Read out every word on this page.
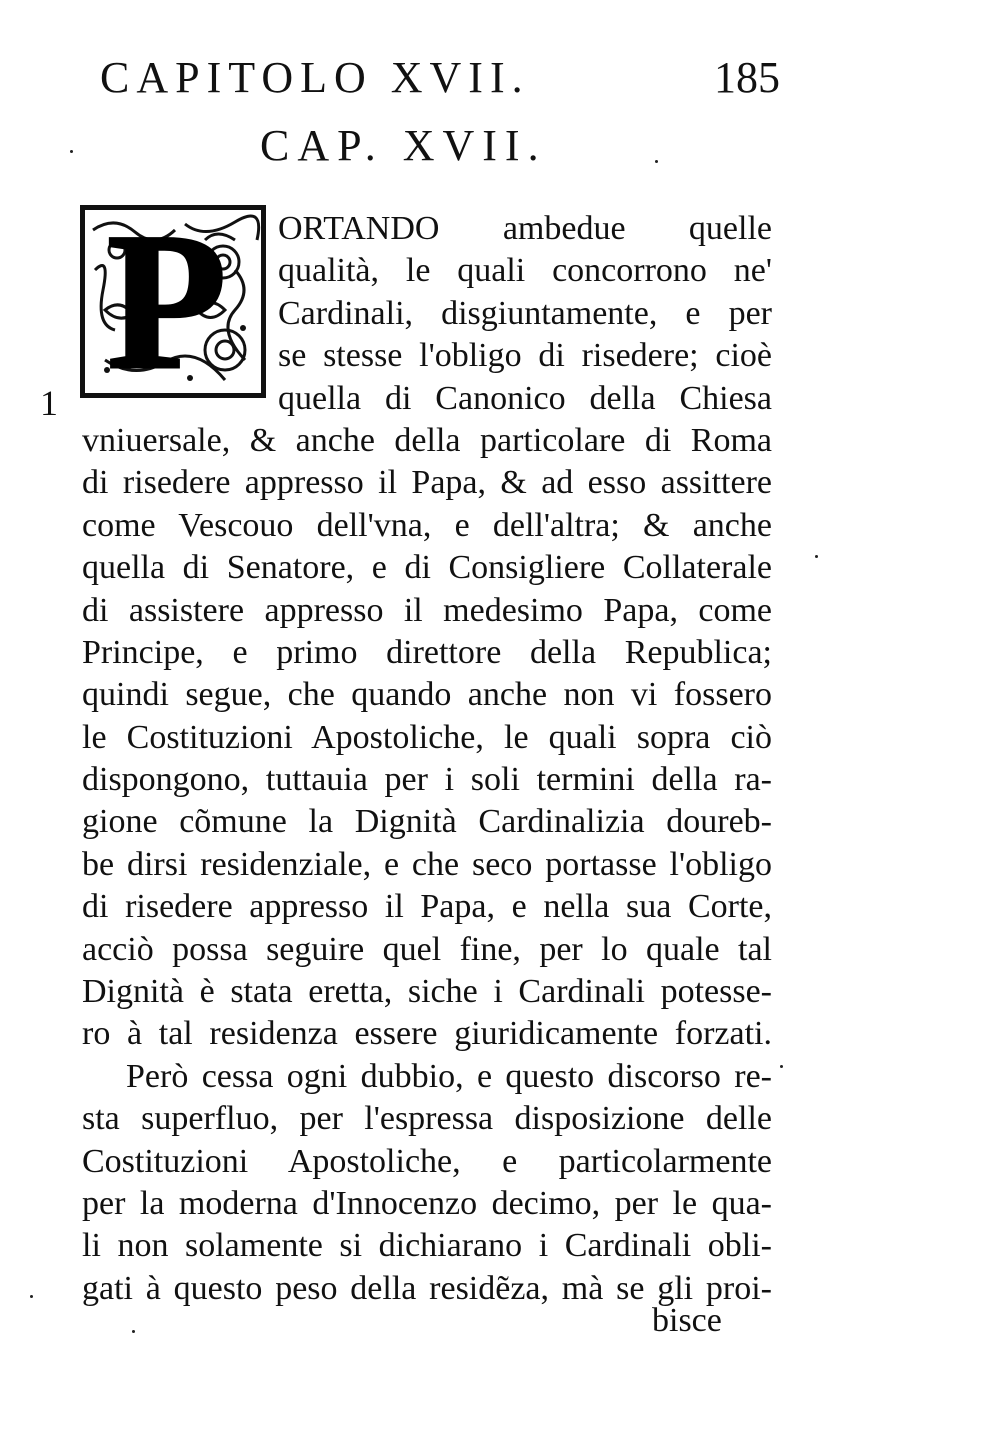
CAPITOLO XVII.	185
CAP. XVII.
P
1
ORTANDO ambedue quelle
qualità, le quali concorrono ne'
Cardinali, disgiuntamente, e per
se stesse l'obligo di risedere; cioè
quella di Canonico della Chiesa
vniuersale, & anche della particolare di Roma
di risedere appresso il Papa, & ad esso assittere
come Vescouo dell'vna, e dell'altra; & anche
quella di Senatore, e di Consigliere Collaterale
di assistere appresso il medesimo Papa, come
Principe, e primo direttore della Republica;
quindi segue, che quando anche non vi fossero
le Costituzioni Apostoliche, le quali sopra ciò
dispongono, tuttauia per i soli termini della ra-
gione cõmune la Dignità Cardinalizia doureb-
be dirsi residenziale, e che seco portasse l'obligo
di risedere appresso il Papa, e nella sua Corte,
acciò possa seguire quel fine, per lo quale tal
Dignità è stata eretta, siche i Cardinali potesse-
ro à tal residenza essere giuridicamente forzati.
Però cessa ogni dubbio, e questo discorso re-
sta superfluo, per l'espressa disposizione delle
Costituzioni Apostoliche, e particolarmente
per la moderna d'Innocenzo decimo, per le qua-
li non solamente si dichiarano i Cardinali obli-
gati à questo peso della residẽza, mà se gli proi-
bisce
